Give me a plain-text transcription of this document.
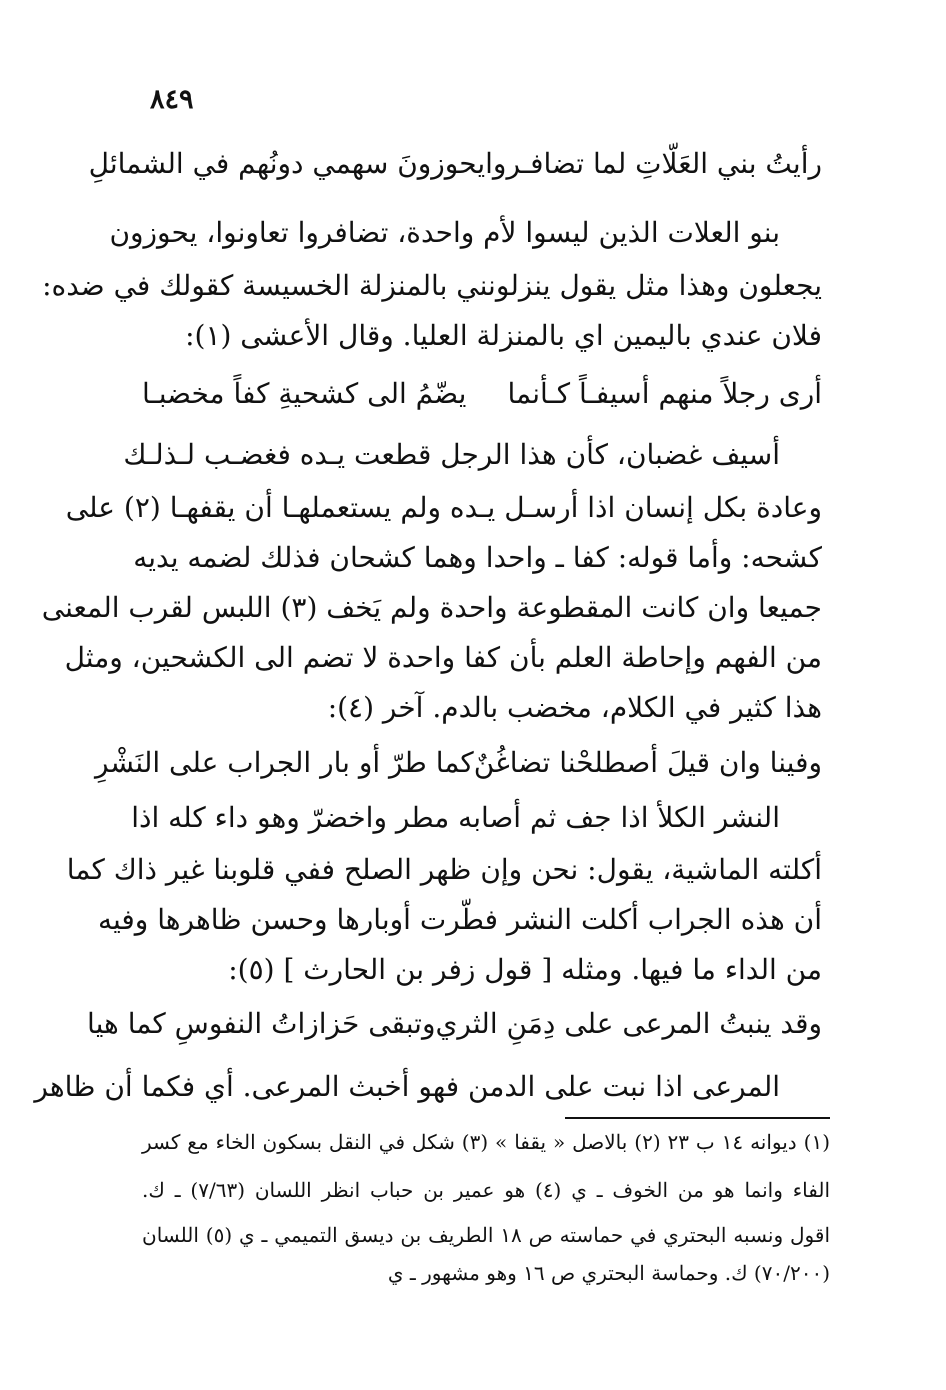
٨٤٩
رأيتُ بني العَلّاتِ لما تضافـروا
يحوزونَ سهمي دونُهم في الشمائلِ
بنو العلات الذين ليسوا لأم واحدة، تضافروا تعاونوا، يحوزون
يجعلون وهذا مثل يقول ينزلونني بالمنزلة الخسيسة كقولك في ضده:
فلان عندي باليمين اي بالمنزلة العليا. وقال الأعشى (١):
أرى رجلاً منهم أسيفـاً كـأنما
يضّمُ الى كشحيةِ كفاً مخضبـا
أسيف غضبان، كأن هذا الرجل قطعت يـده فغضـب لـذلـك
وعادة بكل إنسان اذا أرسـل يـده ولم يستعملهـا أن يقفهـا (٢) على
كشحه: وأما قوله: كفا ـ واحدا وهما كشحان فذلك لضمه يديه
جميعا وان كانت المقطوعة واحدة ولم يَخف (٣) اللبس لقرب المعنى
من الفهم وإحاطة العلم بأن كفا واحدة لا تضم الى الكشحين، ومثل
هذا كثير في الكلام، مخضب بالدم. آخر (٤):
وفينا وان قيلَ أصطلحْنا تضاغُنٌ
كما طرّ أو بار الجراب على النَشْرِ
النشر الكلأ اذا جف ثم أصابه مطر واخضرّ وهو داء كله اذا
أكلته الماشية، يقول: نحن وإن ظهر الصلح ففي قلوبنا غير ذاك كما
أن هذه الجراب أكلت النشر فطّرت أوبارها وحسن ظاهرها وفيه
من الداء ما فيها. ومثله [ قول زفر بن الحارث ] (٥):
وقد ينبتُ المرعى على دِمَنِ الثري
وتبقى حَزازاتُ النفوسِ كما هيا
المرعى اذا نبت على الدمن فهو أخبث المرعى. أي فكما أن ظاهر
(١) ديوانه ١٤ ب ٢٣ (٢) بالاصل « يقفا » (٣) شكل في النقل بسكون الخاء مع كسر
الفاء وانما هو من الخوف ـ ي (٤) هو عمير بن حباب انظر اللسان (٧/٦٣) ـ ك.
اقول ونسبه البحتري في حماسته ص ١٨ الطريف بن ديسق التميمي ـ ي (٥) اللسان
(٧٠/٢٠٠) ك. وحماسة البحتري ص ١٦ وهو مشهور ـ ي
